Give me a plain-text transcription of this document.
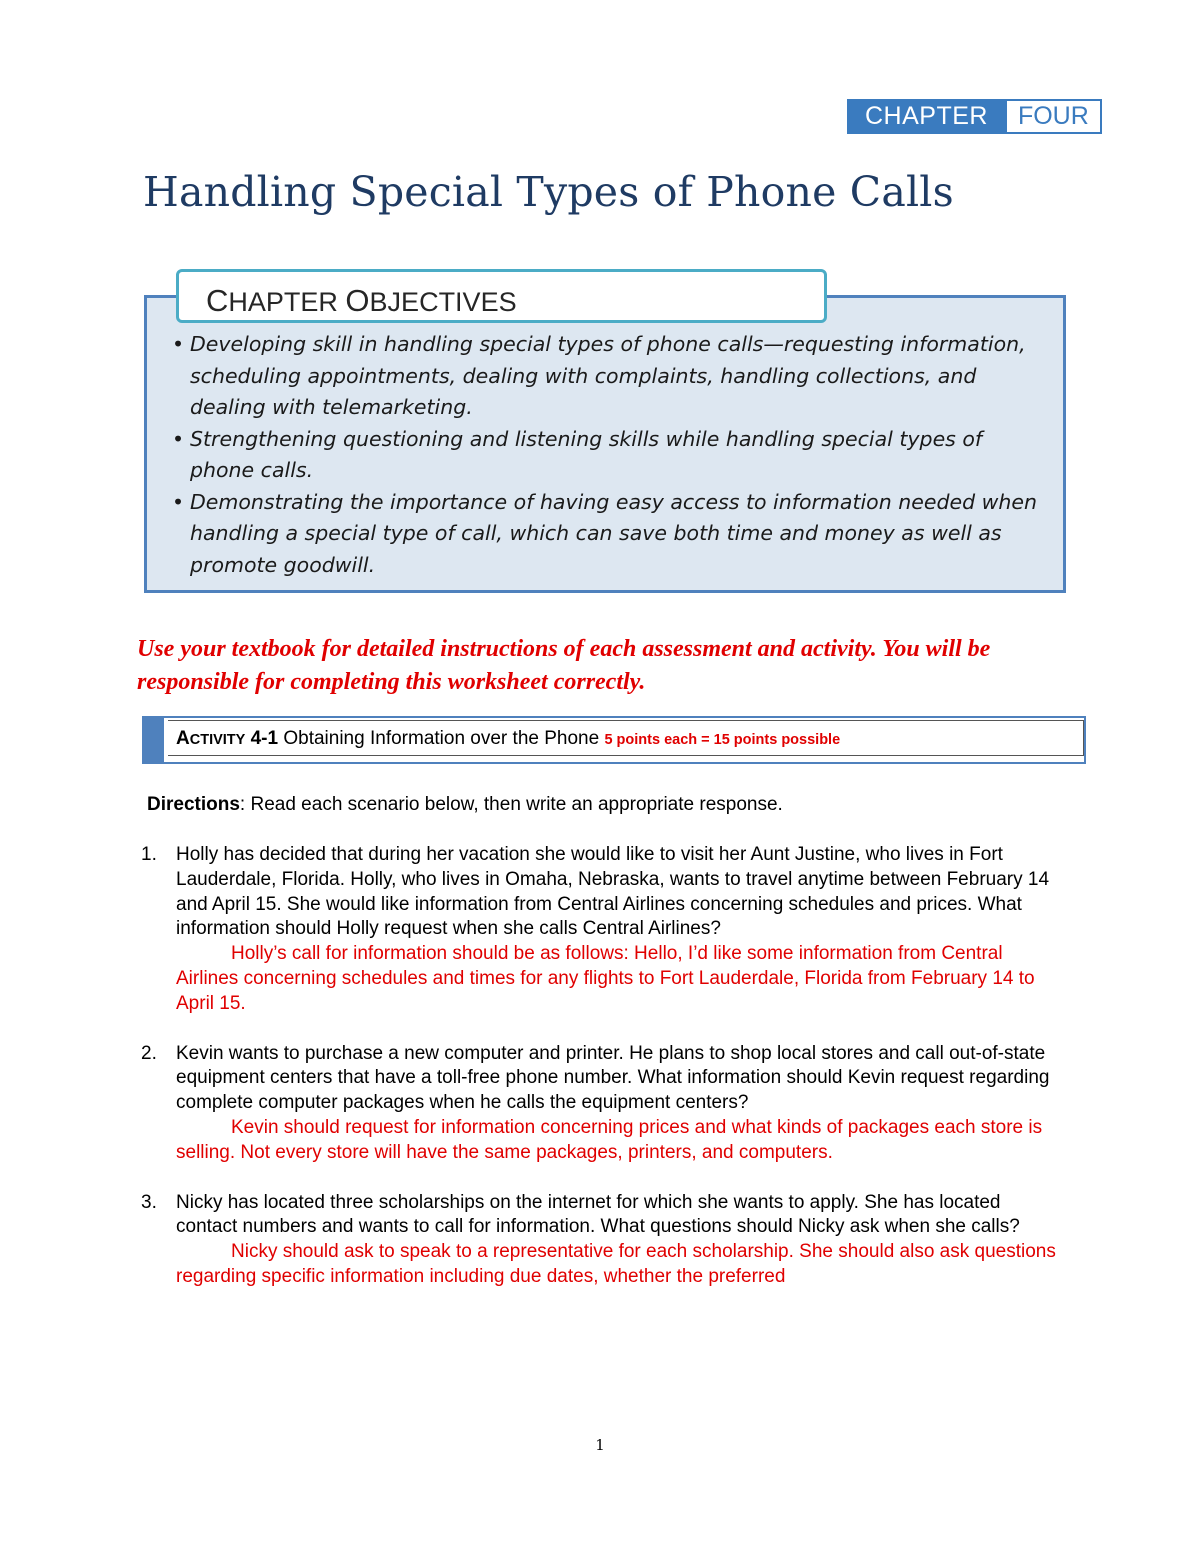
CHAPTER	FOUR
Handling Special Types of Phone Calls
CHAPTER OBJECTIVES
• Developing skill in handling special types of phone calls—requesting information, scheduling appointments, dealing with complaints, handling collections, and dealing with telemarketing.
• Strengthening questioning and listening skills while handling special types of phone calls.
• Demonstrating the importance of having easy access to information needed when handling a special type of call, which can save both time and money as well as promote goodwill.

Use your textbook for detailed instructions of each assessment and activity. You will be responsible for completing this worksheet correctly.

ACTIVITY 4-1 Obtaining Information over the Phone 5 points each = 15 points possible

Directions: Read each scenario below, then write an appropriate response.

1. Holly has decided that during her vacation she would like to visit her Aunt Justine, who lives in Fort Lauderdale, Florida. Holly, who lives in Omaha, Nebraska, wants to travel anytime between February 14 and April 15. She would like information from Central Airlines concerning schedules and prices. What information should Holly request when she calls Central Airlines?
Holly’s call for information should be as follows: Hello, I’d like some information from Central Airlines concerning schedules and times for any flights to Fort Lauderdale, Florida from February 14 to April 15.
2. Kevin wants to purchase a new computer and printer. He plans to shop local stores and call out-of-state equipment centers that have a toll-free phone number. What information should Kevin request regarding complete computer packages when he calls the equipment centers?
Kevin should request for information concerning prices and what kinds of packages each store is selling. Not every store will have the same packages, printers, and computers.
3. Nicky has located three scholarships on the internet for which she wants to apply. She has located contact numbers and wants to call for information. What questions should Nicky ask when she calls?
Nicky should ask to speak to a representative for each scholarship. She should also ask questions regarding specific information including due dates, whether the preferred
1
